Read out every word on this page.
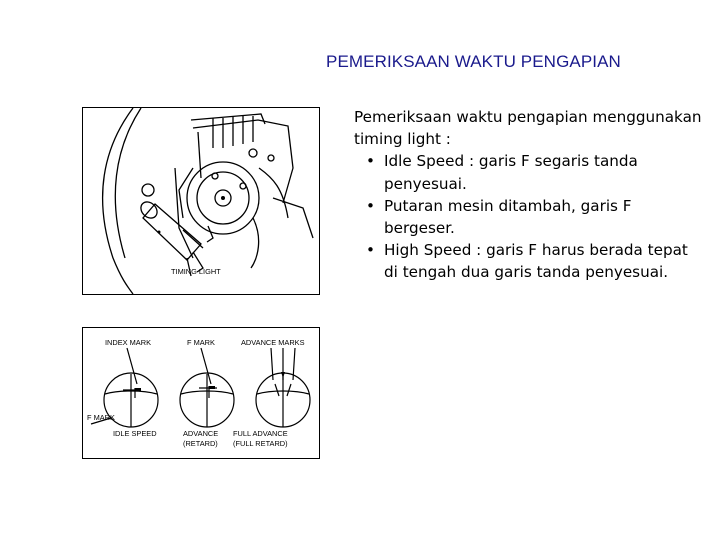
PEMERIKSAAN WAKTU PENGAPIAN
Pemeriksaan waktu pengapian menggunakan timing light :
• Idle Speed : garis F segaris tanda penyesuai.
• Putaran mesin ditambah, garis F bergeser.
• High Speed : garis F harus berada tepat di tengah dua garis tanda penyesuai.
TIMING LIGHT
INDEX MARK	F MARK	ADVANCE MARKS
F MARK
IDLE SPEED	ADVANCE
(RETARD)
FULL ADVANCE
(FULL RETARD)
